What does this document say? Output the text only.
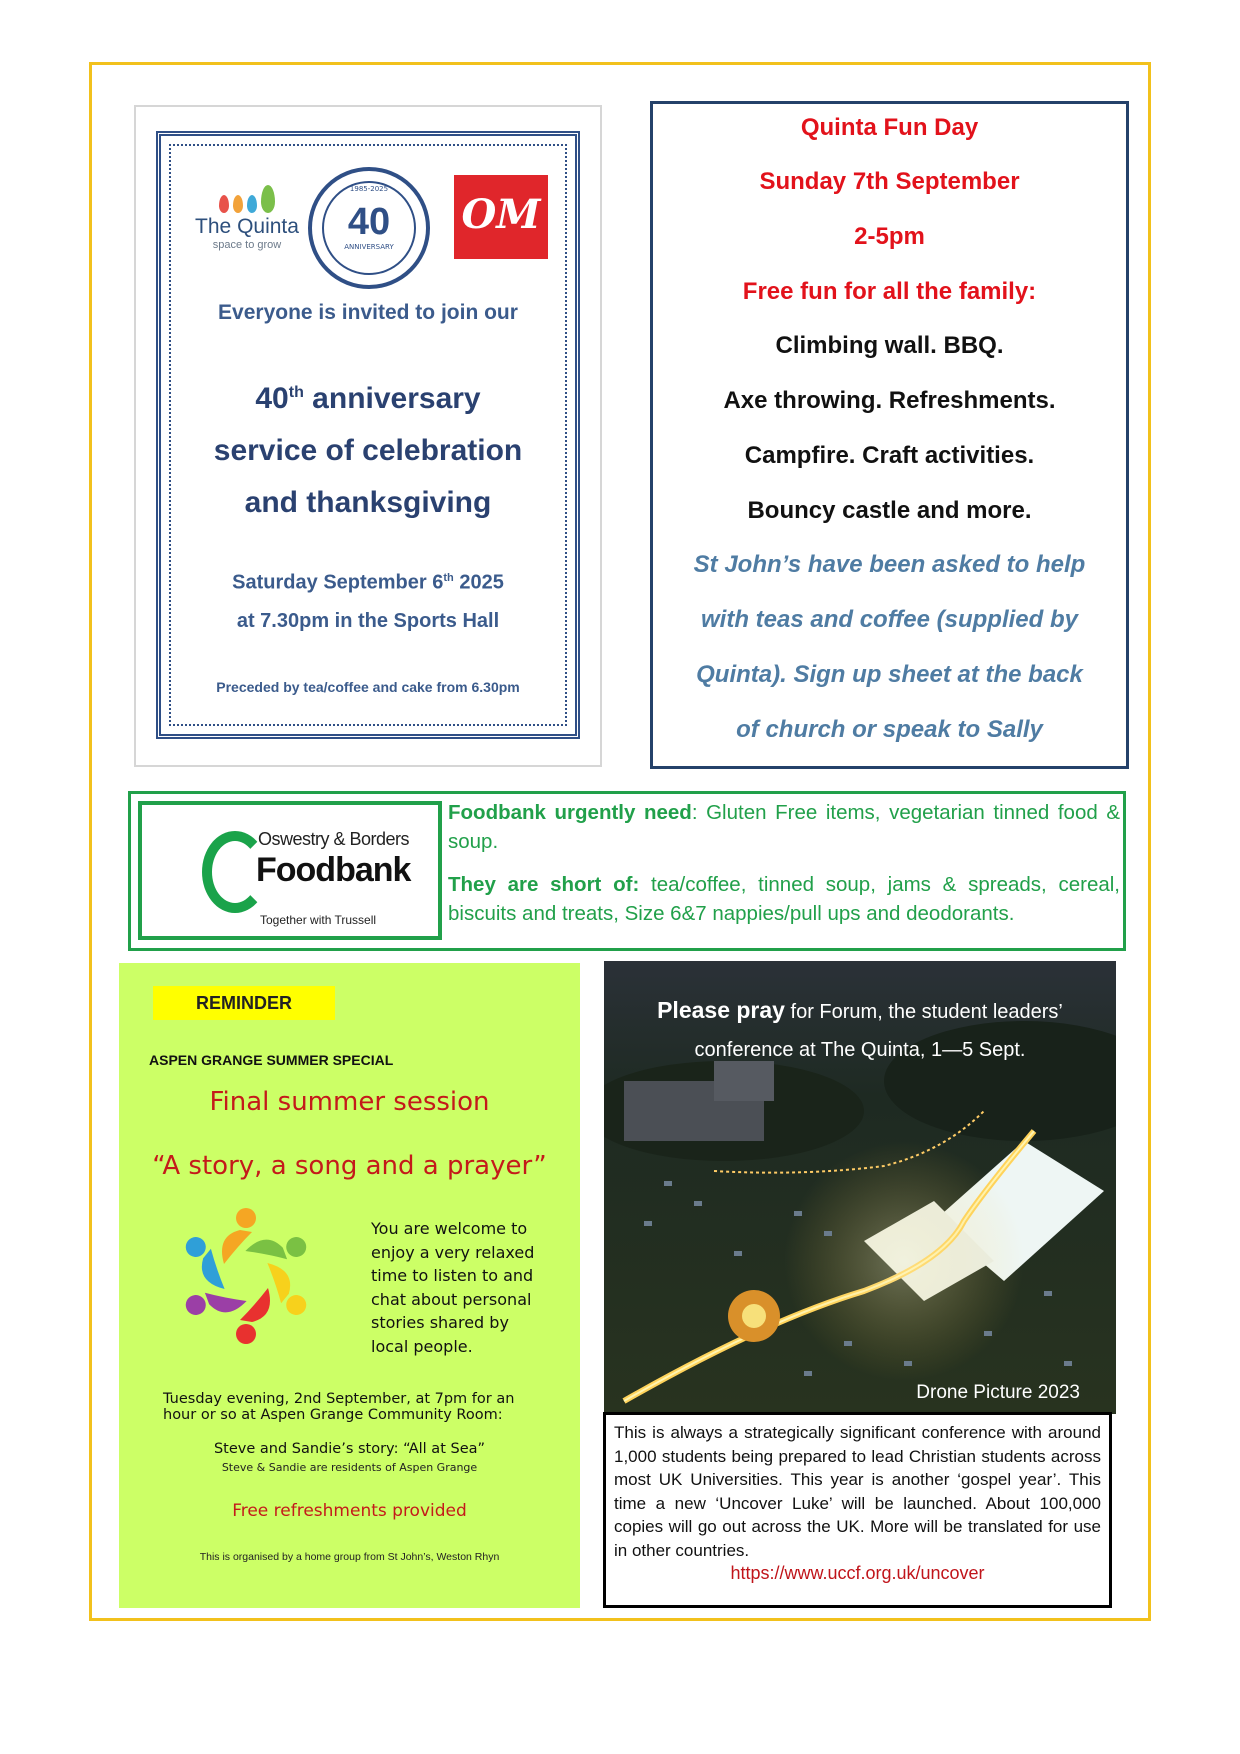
The Quinta
space to grow
1985-2025
40
ANNIVERSARY
OM
Everyone is invited to join our
40th anniversary
service of celebration
and thanksgiving
Saturday September 6th 2025
at 7.30pm in the Sports Hall
Preceded by tea/coffee and cake from 6.30pm
Quinta Fun Day
Sunday 7th September
2-5pm
Free fun for all the family:
Climbing wall. BBQ.
Axe throwing. Refreshments.
Campfire. Craft activities.
Bouncy castle and more.
St John’s have been asked to help
with teas and coffee (supplied by
Quinta). Sign up sheet at the back
of church or speak to Sally
Oswestry & Borders
Foodbank
Together with Trussell

Foodbank urgently need: Gluten Free items, vegetarian tinned food & soup.

They are short of: tea/coffee, tinned soup, jams & spreads, cereal, biscuits and treats, Size 6&7 nappies/pull ups and deodorants.

REMINDER
ASPEN GRANGE SUMMER SPECIAL
Final summer session
“A story, a song and a prayer”
You are welcome to enjoy a very relaxed time to listen to and chat about personal stories shared by local people.
Tuesday evening, 2nd September, at 7pm for an hour or so at Aspen Grange Community Room:
Steve and Sandie’s story: “All at Sea”
Steve & Sandie are residents of Aspen Grange
Free refreshments provided
This is organised by a home group from St John’s, Weston Rhyn
Please pray for Forum, the student leaders’
conference at The Quinta, 1—5 Sept.
Drone Picture 2023
This is always a strategically significant conference with around 1,000 students being prepared to lead Christian students across most UK Universities. This year is another ‘gospel year’. This time a new ‘Uncover Luke’ will be launched. About 100,000 copies will go out across the UK. More will be translated for use in other countries.
https://www.uccf.org.uk/uncover
